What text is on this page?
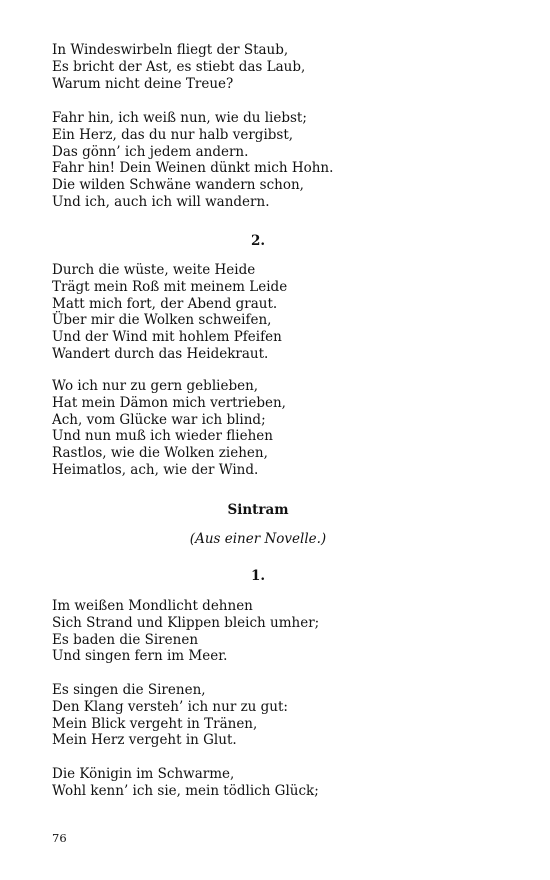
In Windeswirbeln fliegt der Staub,
Es bricht der Ast, es stiebt das Laub,
Warum nicht deine Treue?
Fahr hin, ich weiß nun, wie du liebst;
Ein Herz, das du nur halb vergibst,
Das gönn’ ich jedem andern.
Fahr hin! Dein Weinen dünkt mich Hohn.
Die wilden Schwäne wandern schon,
Und ich, auch ich will wandern.
2.
Durch die wüste, weite Heide
Trägt mein Roß mit meinem Leide
Matt mich fort, der Abend graut.
Über mir die Wolken schweifen,
Und der Wind mit hohlem Pfeifen
Wandert durch das Heidekraut.
Wo ich nur zu gern geblieben,
Hat mein Dämon mich vertrieben,
Ach, vom Glücke war ich blind;
Und nun muß ich wieder fliehen
Rastlos, wie die Wolken ziehen,
Heimatlos, ach, wie der Wind.
Sintram
(Aus einer Novelle.)
1.
Im weißen Mondlicht dehnen
Sich Strand und Klippen bleich umher;
Es baden die Sirenen
Und singen fern im Meer.
Es singen die Sirenen,
Den Klang versteh’ ich nur zu gut:
Mein Blick vergeht in Tränen,
Mein Herz vergeht in Glut.
Die Königin im Schwarme,
Wohl kenn’ ich sie, mein tödlich Glück;
76
